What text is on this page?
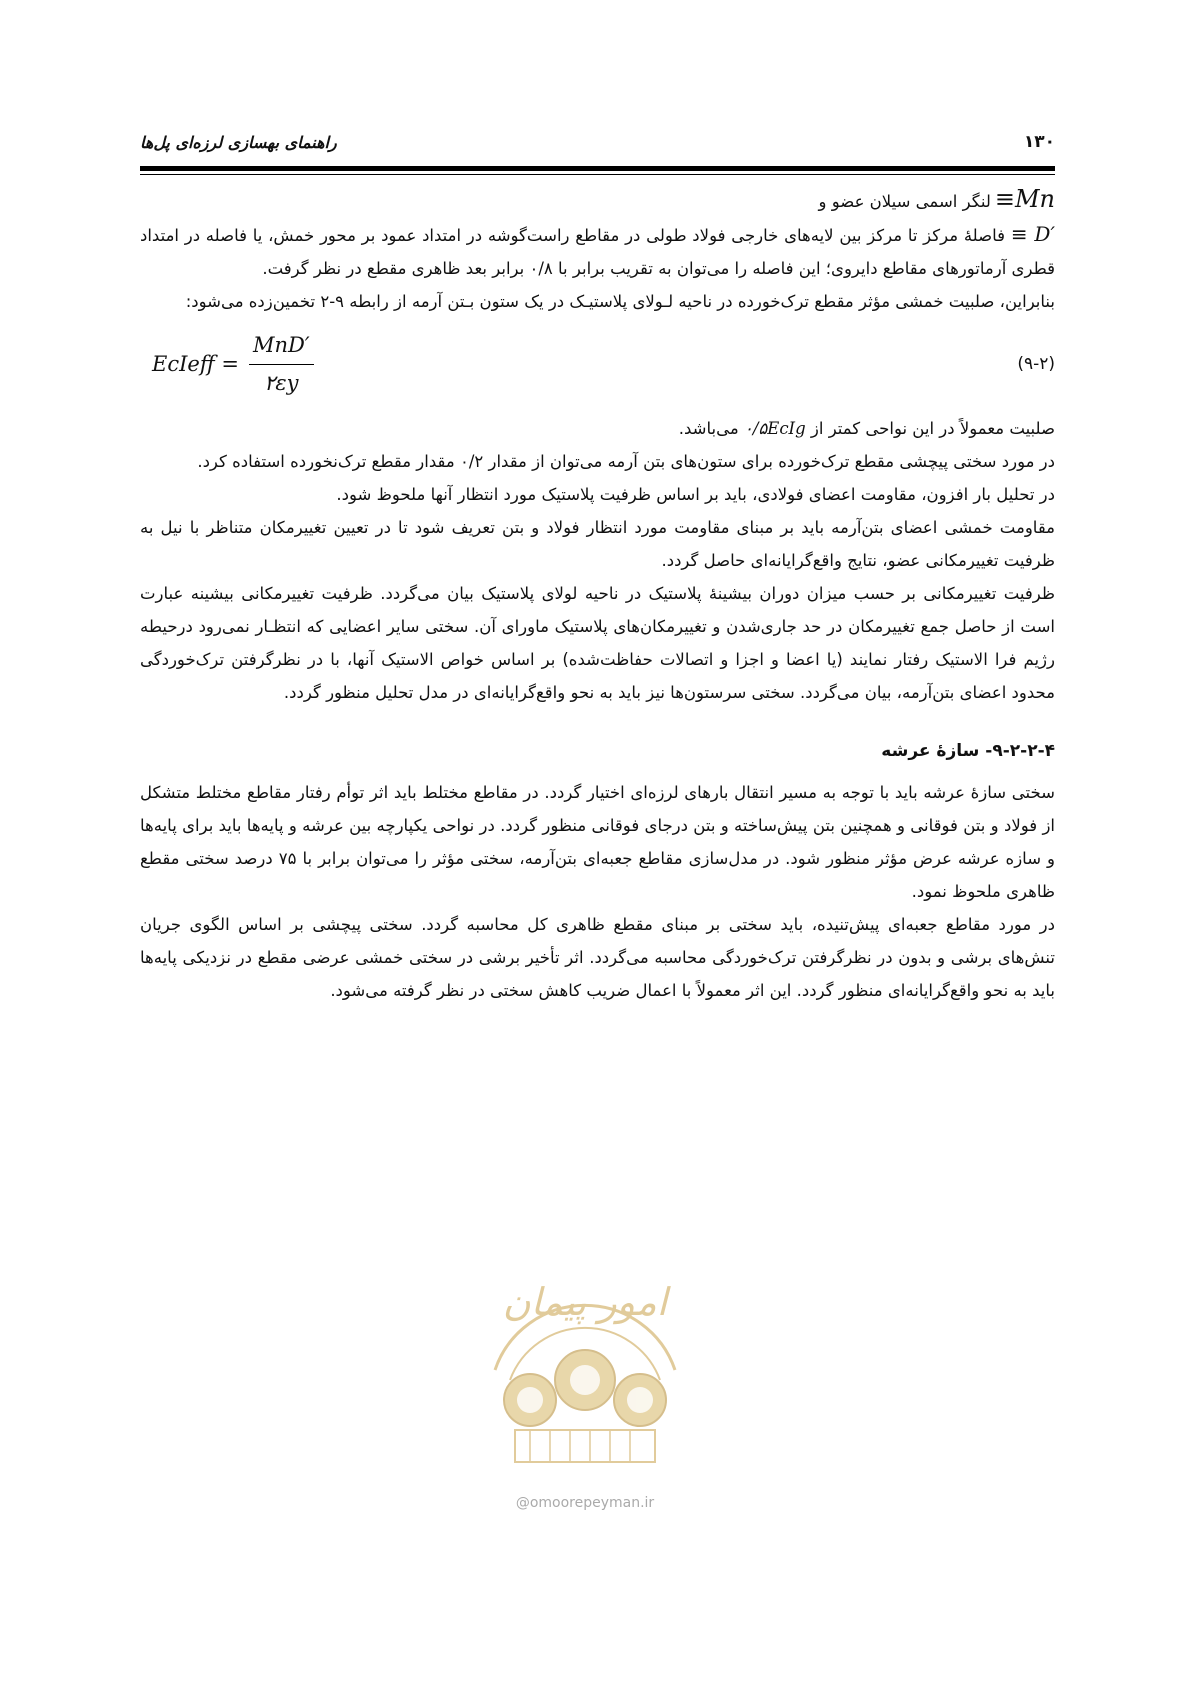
۱۳۰
راهنمای بهسازی لرزه‌ای پل‌ها

≡Mn
لنگر اسمی سیلان عضو و

≡ D′ فاصلهٔ مرکز تا مرکز بین لایه‌های خارجی فولاد طولی در مقاطع راست‌گوشه در امتداد عمود بر محور خمش، یا فاصله در امتداد قطری آرماتورهای مقاطع دایروی؛ این فاصله را می‌توان به تقریب برابر با ۰/۸ برابر بعد ظاهری مقطع در نظر گرفت.

بنابراین، صلبیت خمشی مؤثر مقطع ترک‌خورده در ناحیه لـولای پلاستیـک در یک ستون بـتن آرمه از رابطه ۹-۲ تخمین‌زده می‌شود:

(۹-۲)
EcIeff = $\frac{\text{MnD′}}{۲\varepsilon y}$

صلبیت معمولاً در این نواحی کمتر از ۰/۵EcIg می‌باشد.

در مورد سختی پیچشی مقطع ترک‌خورده برای ستون‌های بتن آرمه می‌توان از مقدار ۰/۲ مقدار مقطع ترک‌نخورده استفاده کرد.

در تحلیل بار افزون، مقاومت اعضای فولادی، باید بر اساس ظرفیت پلاستیک مورد انتظار آنها ملحوظ شود.

مقاومت خمشی اعضای بتن‌آرمه باید بر مبنای مقاومت مورد انتظار فولاد و بتن تعریف شود تا در تعیین تغییرمکان متناظر با نیل به ظرفیت تغییرمکانی عضو، نتایج واقع‌گرایانه‌ای حاصل گردد.

ظرفیت تغییرمکانی بر حسب میزان دوران بیشینهٔ پلاستیک در ناحیه لولای پلاستیک بیان می‌گردد. ظرفیت تغییرمکانی بیشینه عبارت است از حاصل جمع تغییرمکان در حد جاری‌شدن و تغییرمکان‌های پلاستیک ماورای آن. سختی سایر اعضایی که انتظـار نمی‌رود درحیطه رژیم فرا الاستیک رفتار نمایند (یا اعضا و اجزا و اتصالات حفاظت‌شده) بر اساس خواص الاستیک آنها، با در نظرگرفتن ترک‌خوردگی محدود اعضای بتن‌آرمه، بیان می‌گردد. سختی سرستون‌ها نیز باید به نحو واقع‌گرایانه‌ای در مدل تحلیل منظور گردد.

۹-۲-۲-۴- سازهٔ عرشه

سختی سازهٔ عرشه باید با توجه به مسیر انتقال بارهای لرزه‌ای اختیار گردد. در مقاطع مختلط باید اثر توأم رفتار مقاطع مختلط متشکل از فولاد و بتن فوقانی و همچنین بتن پیش‌ساخته و بتن درجای فوقانی منظور گردد. در نواحی یکپارچه بین عرشه و پایه‌ها باید برای پایه‌ها و سازه عرشه عرض مؤثر منظور شود. در مدل‌سازی مقاطع جعبه‌ای بتن‌آرمه، سختی مؤثر را می‌توان برابر با ۷۵ درصد سختی مقطع ظاهری ملحوظ نمود.

در مورد مقاطع جعبه‌ای پیش‌تنیده، باید سختی بر مبنای مقطع ظاهری کل محاسبه گردد. سختی پیچشی بر اساس الگوی جریان تنش‌های برشی و بدون در نظرگرفتن ترک‌خوردگی محاسبه می‌گردد. اثر تأخیر برشی در سختی خمشی عرضی مقطع در نزدیکی پایه‌ها باید به نحو واقع‌گرایانه‌ای منظور گردد. این اثر معمولاً با اعمال ضریب کاهش سختی در نظر گرفته می‌شود.

امور پیمان
@omoorepeyman.ir
